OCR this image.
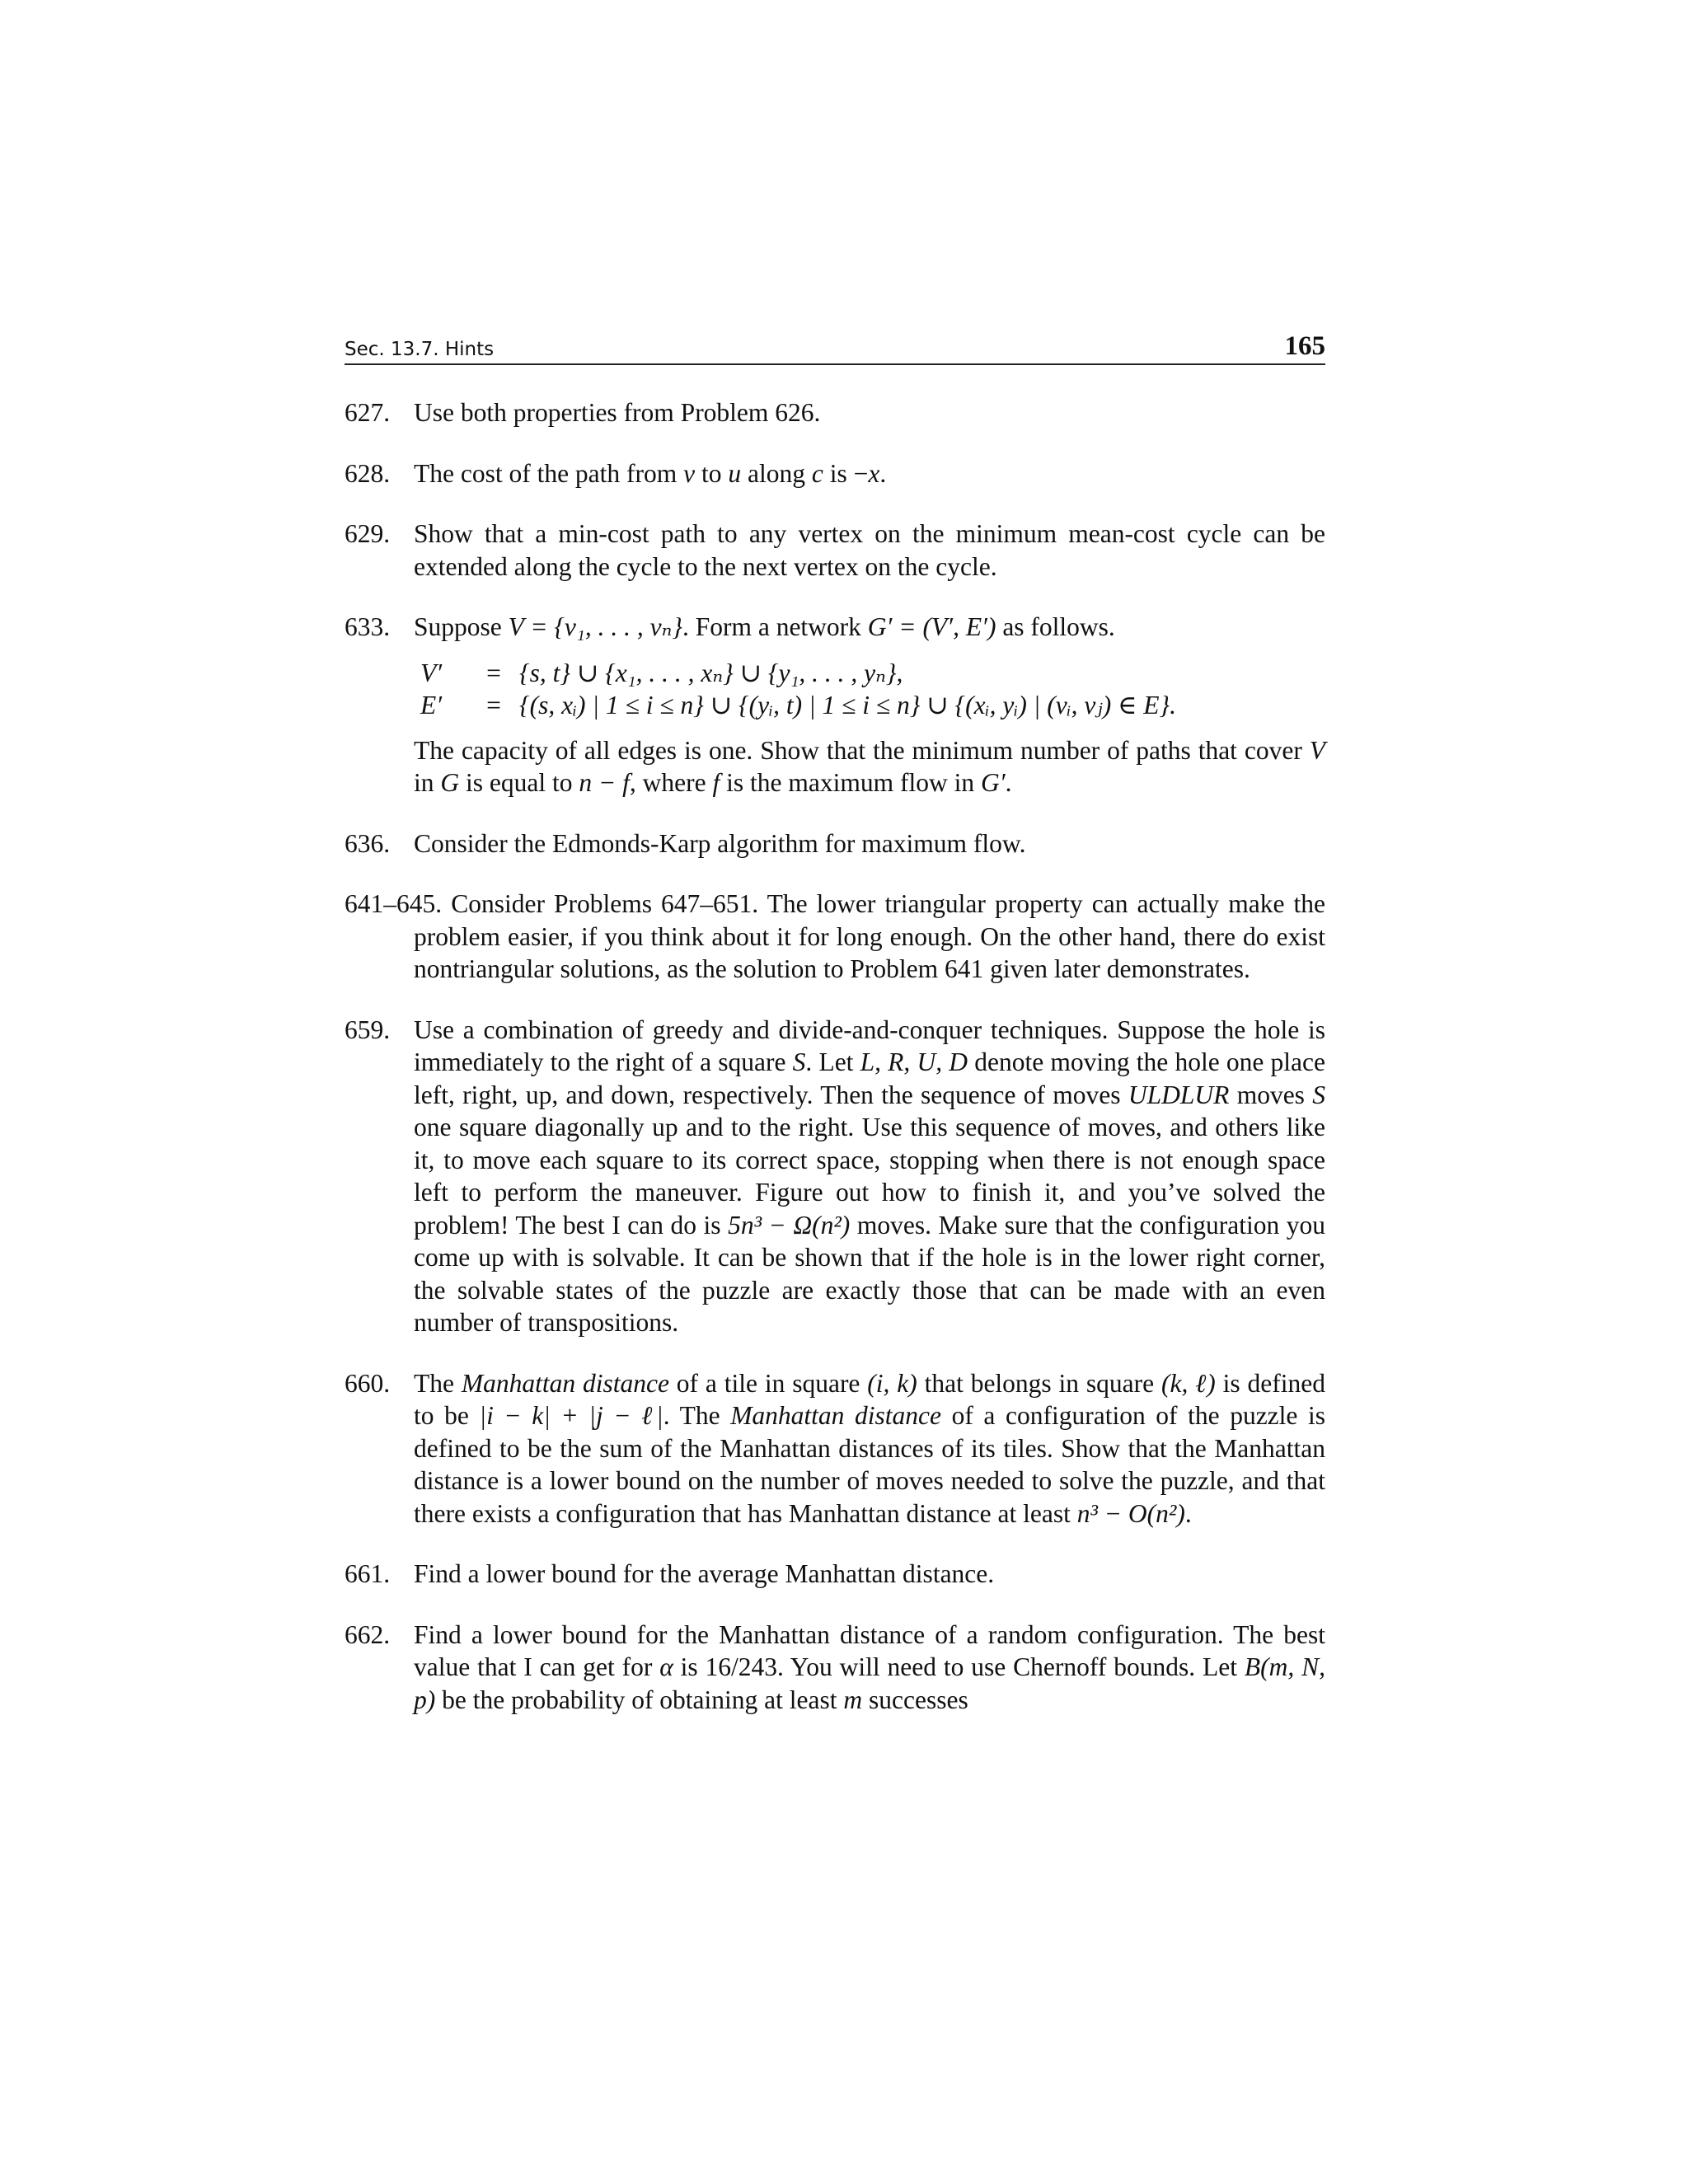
Sec. 13.7. Hints	165
627. Use both properties from Problem 626.
628. The cost of the path from v to u along c is −x.
629. Show that a min-cost path to any vertex on the minimum mean-cost cycle can be extended along the cycle to the next vertex on the cycle.
633. Suppose V = {v₁, . . . , vₙ}. Form a network G′ = (V′, E′) as follows.
V′	= {s, t} ∪ {x₁, . . . , xₙ} ∪ {y₁, . . . , yₙ},
E′	= {(s, xᵢ) | 1 ≤ i ≤ n} ∪ {(yᵢ, t) | 1 ≤ i ≤ n} ∪ {(xᵢ, yᵢ) | (vᵢ, vⱼ) ∈ E}.
The capacity of all edges is one. Show that the minimum number of paths that cover V in G is equal to n − f, where f is the maximum flow in G′.
636. Consider the Edmonds-Karp algorithm for maximum flow.
641–645. Consider Problems 647–651. The lower triangular property can actually make the problem easier, if you think about it for long enough. On the other hand, there do exist nontriangular solutions, as the solution to Problem 641 given later demonstrates.
659. Use a combination of greedy and divide-and-conquer techniques. Suppose the hole is immediately to the right of a square S. Let L, R, U, D denote moving the hole one place left, right, up, and down, respectively. Then the sequence of moves ULDLUR moves S one square diagonally up and to the right. Use this sequence of moves, and others like it, to move each square to its correct space, stopping when there is not enough space left to perform the maneuver. Figure out how to finish it, and you’ve solved the problem! The best I can do is 5n³ − Ω(n²) moves. Make sure that the configuration you come up with is solvable. It can be shown that if the hole is in the lower right corner, the solvable states of the puzzle are exactly those that can be made with an even number of transpositions.
660. The Manhattan distance of a tile in square (i, k) that belongs in square (k, ℓ) is defined to be |i − k| + |j − ℓ|. The Manhattan distance of a configuration of the puzzle is defined to be the sum of the Manhattan distances of its tiles. Show that the Manhattan distance is a lower bound on the number of moves needed to solve the puzzle, and that there exists a configuration that has Manhattan distance at least n³ − O(n²).
661. Find a lower bound for the average Manhattan distance.
662. Find a lower bound for the Manhattan distance of a random configuration. The best value that I can get for α is 16/243. You will need to use Chernoff bounds. Let B(m, N, p) be the probability of obtaining at least m successes
